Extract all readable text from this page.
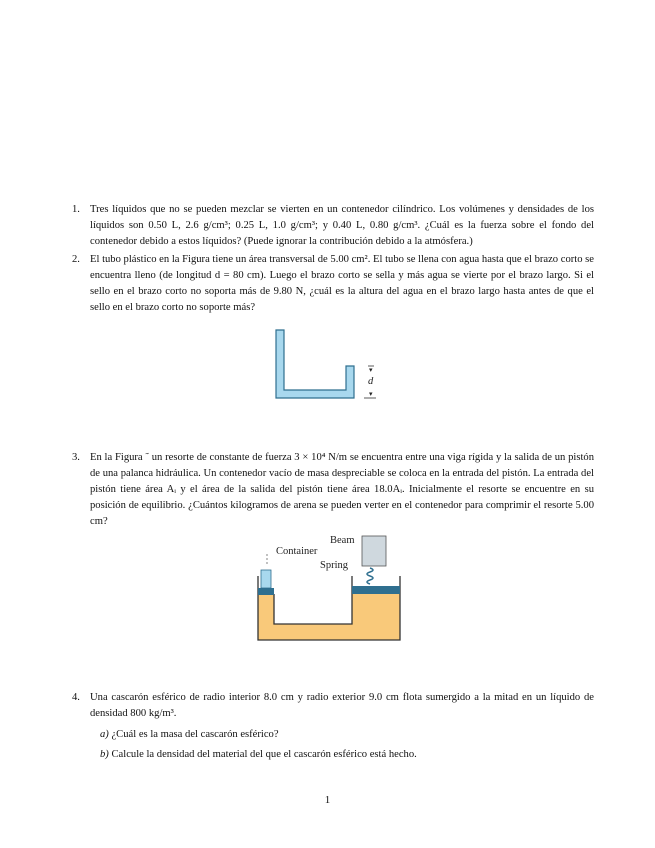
1. Tres líquidos que no se pueden mezclar se vierten en un contenedor cilíndrico. Los volúmenes y densidades de los líquidos son 0.50 L, 2.6 g/cm³; 0.25 L, 1.0 g/cm³; y 0.40 L, 0.80 g/cm³. ¿Cuál es la fuerza sobre el fondo del contenedor debido a estos líquidos? (Puede ignorar la contribución debido a la atmósfera.)
2. El tubo plástico en la Figura tiene un área transversal de 5.00 cm². El tubo se llena con agua hasta que el brazo corto se encuentra lleno (de longitud d = 80 cm). Luego el brazo corto se sella y más agua se vierte por el brazo largo. Si el sello en el brazo corto no soporta más de 9.80 N, ¿cuál es la altura del agua en el brazo largo hasta antes de que el sello en el brazo corto no soporte más?
▾
d
▾
3. En la Figura ˜ un resorte de constante de fuerza 3 × 10⁴ N/m se encuentra entre una viga rígida y la salida de un pistón de una palanca hidráulica. Un contenedor vacío de masa despreciable se coloca en la entrada del pistón. La entrada del pistón tiene área Aᵢ y el área de la salida del pistón tiene área 18.0Aᵢ. Inicialmente el resorte se encuentre en su posición de equilibrio. ¿Cuántos kilogramos de arena se pueden verter en el contenedor para comprimir el resorte 5.00 cm?
Beam
Container
Spring
4. Una cascarón esférico de radio interior 8.0 cm y radio exterior 9.0 cm flota sumergido a la mitad en un líquido de densidad 800 kg/m³.
a) ¿Cuál es la masa del cascarón esférico?
b) Calcule la densidad del material del que el cascarón esférico está hecho.
1
